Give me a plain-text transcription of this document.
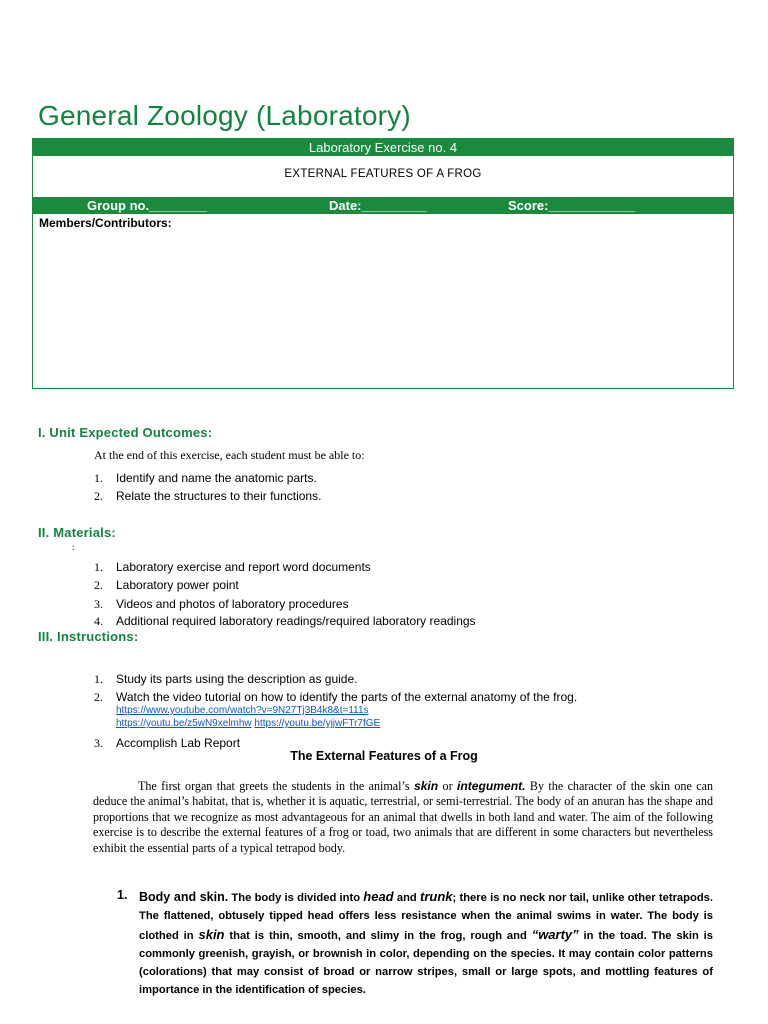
General Zoology (Laboratory)
Laboratory Exercise no. 4
EXTERNAL FEATURES OF A FROG
Group no.________	Date:_________	Score:____________
Members/Contributors:
I. Unit Expected Outcomes:
At the end of this exercise, each student must be able to:
1. Identify and name the anatomic parts.
2. Relate the structures to their functions.
II. Materials:
:
1. Laboratory exercise and report word documents
2. Laboratory power point
3. Videos and photos of laboratory procedures
4. Additional required laboratory readings/required laboratory readings
III. Instructions:
1. Study its parts using the description as guide.
2. Watch the video tutorial on how to identify the parts of the external anatomy of the frog.
3. Accomplish Lab Report
https://www.youtube.com/watch?v=9N27Tj3B4k8&t=111s
https://youtu.be/z5wN9xelmhw https://youtu.be/yjjwFTr7fGE
The External Features of a Frog

The first organ that greets the students in the animal’s skin or integument. By the character of the skin one can deduce the animal’s habitat, that is, whether it is aquatic, terrestrial, or semi-terrestrial. The body of an anuran has the shape and proportions that we recognize as most advantageous for an animal that dwells in both land and water. The aim of the following exercise is to describe the external features of a frog or toad, two animals that are different in some characters but nevertheless exhibit the essential parts of a typical tetrapod body.

1. Body and skin. The body is divided into head and trunk; there is no neck nor tail, unlike other tetrapods. The flattened, obtusely tipped head offers less resistance when the animal swims in water. The body is clothed in skin that is thin, smooth, and slimy in the frog, rough and “warty” in the toad. The skin is commonly greenish, grayish, or brownish in color, depending on the species. It may contain color patterns (colorations) that may consist of broad or narrow stripes, small or large spots, and mottling features of importance in the identification of species.
